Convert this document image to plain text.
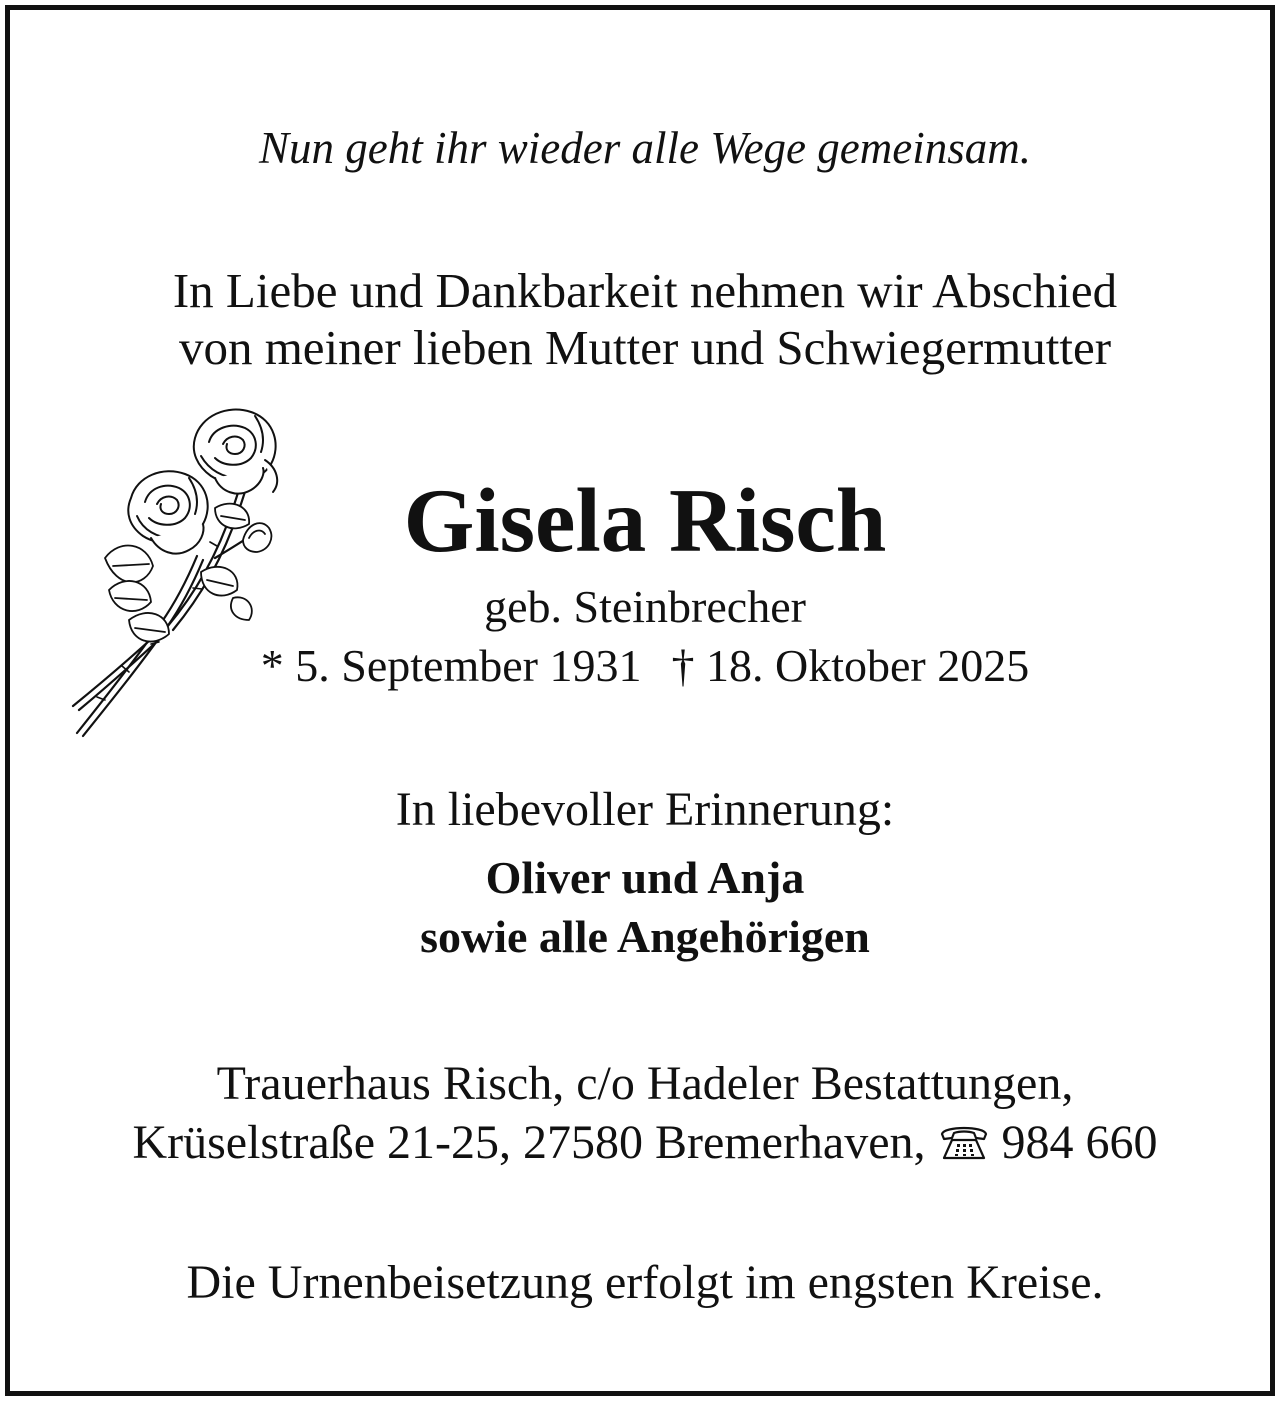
Nun geht ihr wieder alle Wege gemeinsam.
In Liebe und Dankbarkeit nehmen wir Abschied
von meiner lieben Mutter und Schwiegermutter
Gisela Risch
geb. Steinbrecher
* 5. September 1931 † 18. Oktober 2025
In liebevoller Erinnerung:
Oliver und Anja
sowie alle Angehörigen
Trauerhaus Risch, c/o Hadeler Bestattungen,
Krüselstraße 21-25, 27580 Bremerhaven, 984 660
Die Urnenbeisetzung erfolgt im engsten Kreise.
